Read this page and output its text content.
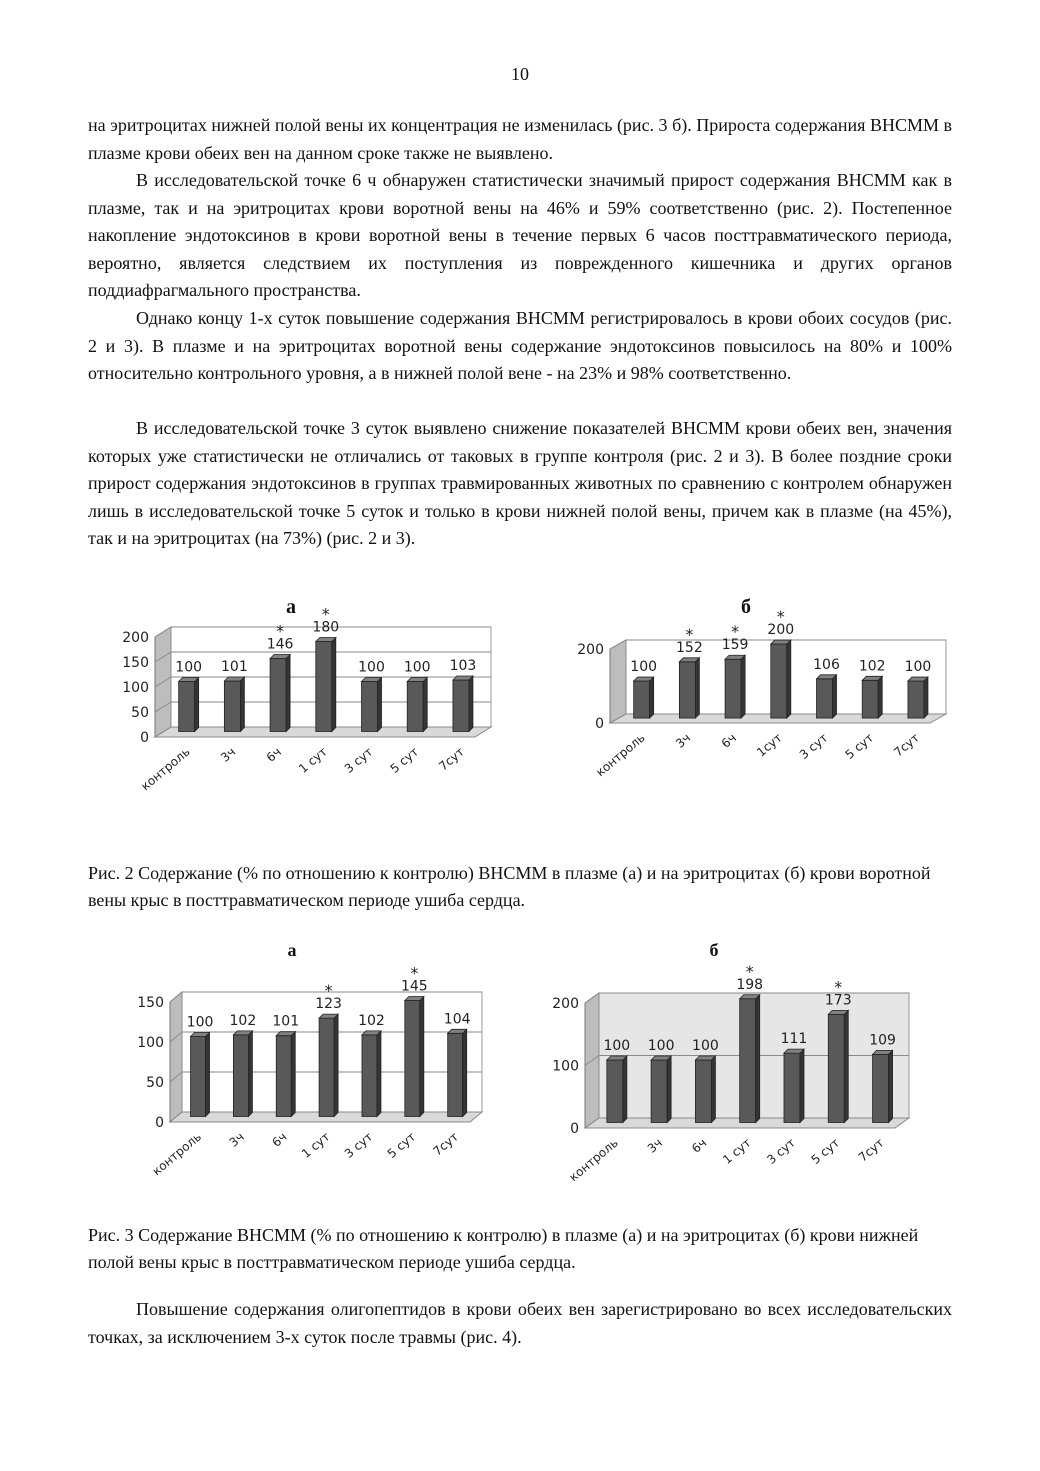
10

на эритроцитах нижней полой вены их концентрация не изменилась (рис. 3 б). Прироста содержания ВНСММ в плазме крови обеих вен на данном сроке также не выявлено.

В исследовательской точке 6 ч обнаружен статистически значимый прирост содержания ВНСММ как в плазме, так и на эритроцитах крови воротной вены на 46% и 59% соответственно (рис. 2). Постепенное накопление эндотоксинов в крови воротной вены в течение первых 6 часов посттравматического периода, вероятно, является следствием их поступления из поврежденного кишечника и других органов поддиафрагмального пространства.

Однако концу 1-х суток повышение содержания ВНСММ регистрировалось в крови обоих сосудов (рис. 2 и 3). В плазме и на эритроцитах воротной вены содержание эндотоксинов повысилось на 80% и 100% относительно контрольного уровня, а в нижней полой вене - на 23% и 98% соответственно.

В исследовательской точке 3 суток выявлено снижение показателей ВНСММ крови обеих вен, значения которых уже статистически не отличались от таковых в группе контроля (рис. 2 и 3). В более поздние сроки прирост содержания эндотоксинов в группах травмированных животных по сравнению с контролем обнаружен лишь в исследовательской точке 5 суток и только в крови нижней полой вены, причем как в плазме (на 45%), так и на эритроцитах (на 73%) (рис. 2 и 3).

0
50
100
150
200
а
100
контроль
101
3ч
146
*
6ч
180
*
1 сут
100
3 сут
100
5 сут
103
7сут
0
200
б
100
контроль
152
*
3ч
159
*
6ч
200
*
1сут
106
3 сут
102
5 сут
100
7сут

Рис. 2 Содержание (% по отношению к контролю) ВНСММ в плазме (а) и на эритроцитах (б) крови воротной вены крыс в посттравматическом периоде ушиба сердца.

0
50
100
150
а
100
контроль
102
3ч
101
6ч
123
*
1 сут
102
3 сут
145
*
5 сут
104
7сут
0
100
200
б
100
контроль
100
3ч
100
6ч
198
*
1 сут
111
3 сут
173
*
5 сут
109
7сут

Рис. 3 Содержание ВНСММ (% по отношению к контролю) в плазме (а) и на эритроцитах (б) крови нижней полой вены крыс в посттравматическом периоде ушиба сердца.

Повышение содержания олигопептидов в крови обеих вен зарегистрировано во всех исследовательских точках, за исключением 3-х суток после травмы (рис. 4).
